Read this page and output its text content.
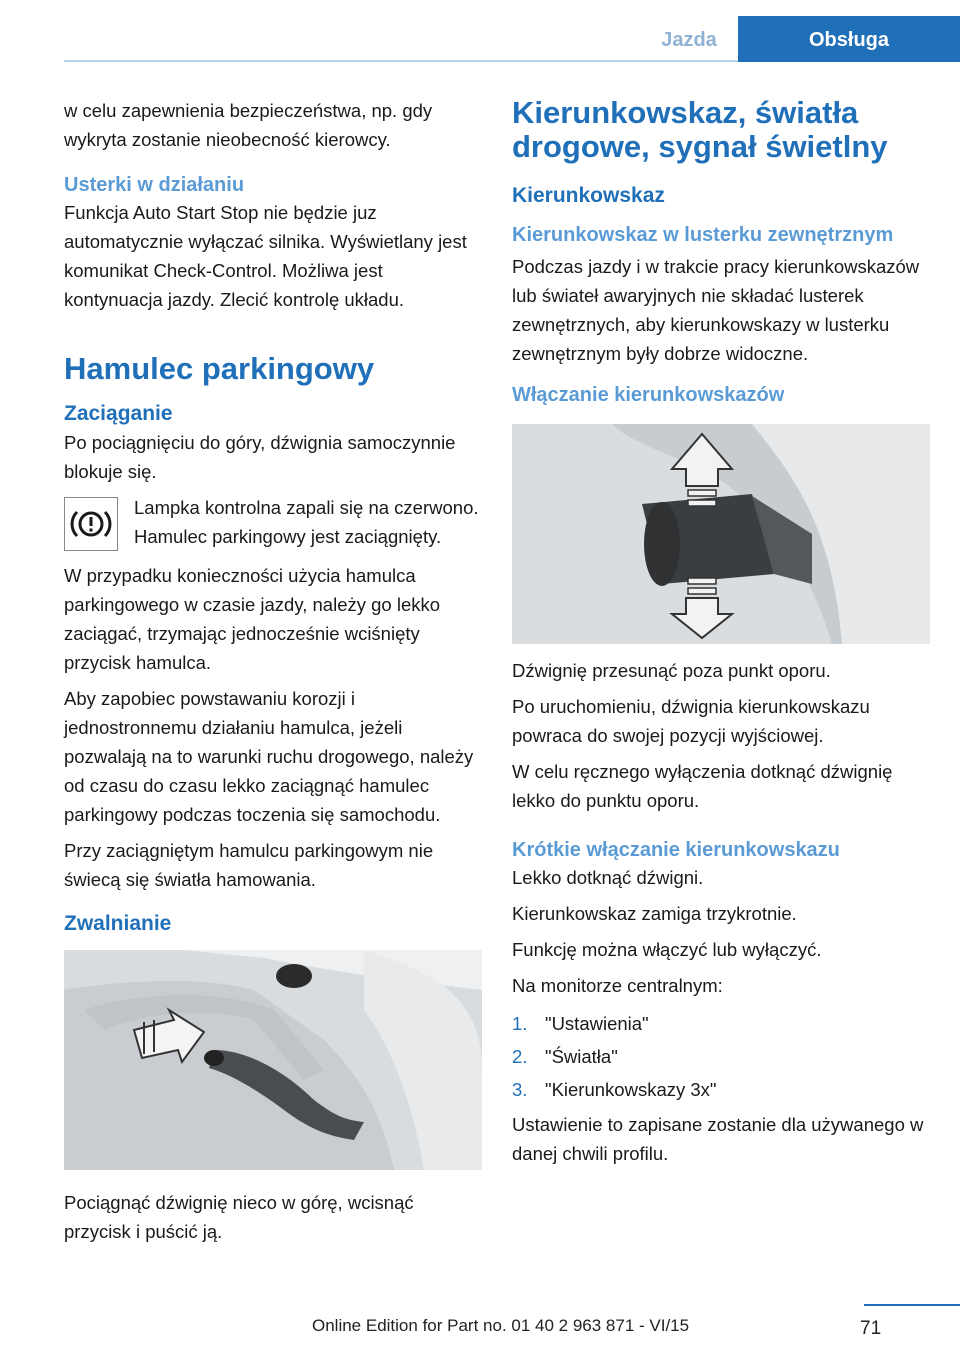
Jazda	Obsługa

w celu zapewnienia bezpieczeństwa, np. gdy wykryta zostanie nieobecność kierowcy.

Usterki w działaniu

Funkcja Auto Start Stop nie będzie juz automatycznie wyłączać silnika. Wyświetlany jest komunikat Check-Control. Możliwa jest kontynuacja jazdy. Zlecić kontrolę układu.

Hamulec parkingowy

Zaciąganie

Po pociągnięciu do góry, dźwignia samoczynnie blokuje się.

Lampka kontrolna zapali się na czerwono. Hamulec parkingowy jest zaciągnięty.

W przypadku konieczności użycia hamulca parkingowego w czasie jazdy, należy go lekko zaciągać, trzymając jednocześnie wciśnięty przycisk hamulca.

Aby zapobiec powstawaniu korozji i jednostronnemu działaniu hamulca, jeżeli pozwalają na to warunki ruchu drogowego, należy od czasu do czasu lekko zaciągnąć hamulec parkingowy podczas toczenia się samochodu.

Przy zaciągniętym hamulcu parkingowym nie świecą się światła hamowania.

Zwalnianie

Pociągnąć dźwignię nieco w górę, wcisnąć przycisk i puścić ją.

Kierunkowskaz, światła drogowe, sygnał świetlny

Kierunkowskaz

Kierunkowskaz w lusterku zewnętrznym

Podczas jazdy i w trakcie pracy kierunkowskazów lub świateł awaryjnych nie składać lusterek zewnętrznych, aby kierunkowskazy w lusterku zewnętrznym były dobrze widoczne.

Włączanie kierunkowskazów

Dźwignię przesunąć poza punkt oporu.

Po uruchomieniu, dźwignia kierunkowskazu powraca do swojej pozycji wyjściowej.

W celu ręcznego wyłączenia dotknąć dźwignię lekko do punktu oporu.

Krótkie włączanie kierunkowskazu

Lekko dotknąć dźwigni.

Kierunkowskaz zamiga trzykrotnie.

Funkcję można włączyć lub wyłączyć.

Na monitorze centralnym:

1. "Ustawienia"
2. "Światła"
3. "Kierunkowskazy 3x"

Ustawienie to zapisane zostanie dla używanego w danej chwili profilu.

71
Online Edition for Part no. 01 40 2 963 871 - VI/15
